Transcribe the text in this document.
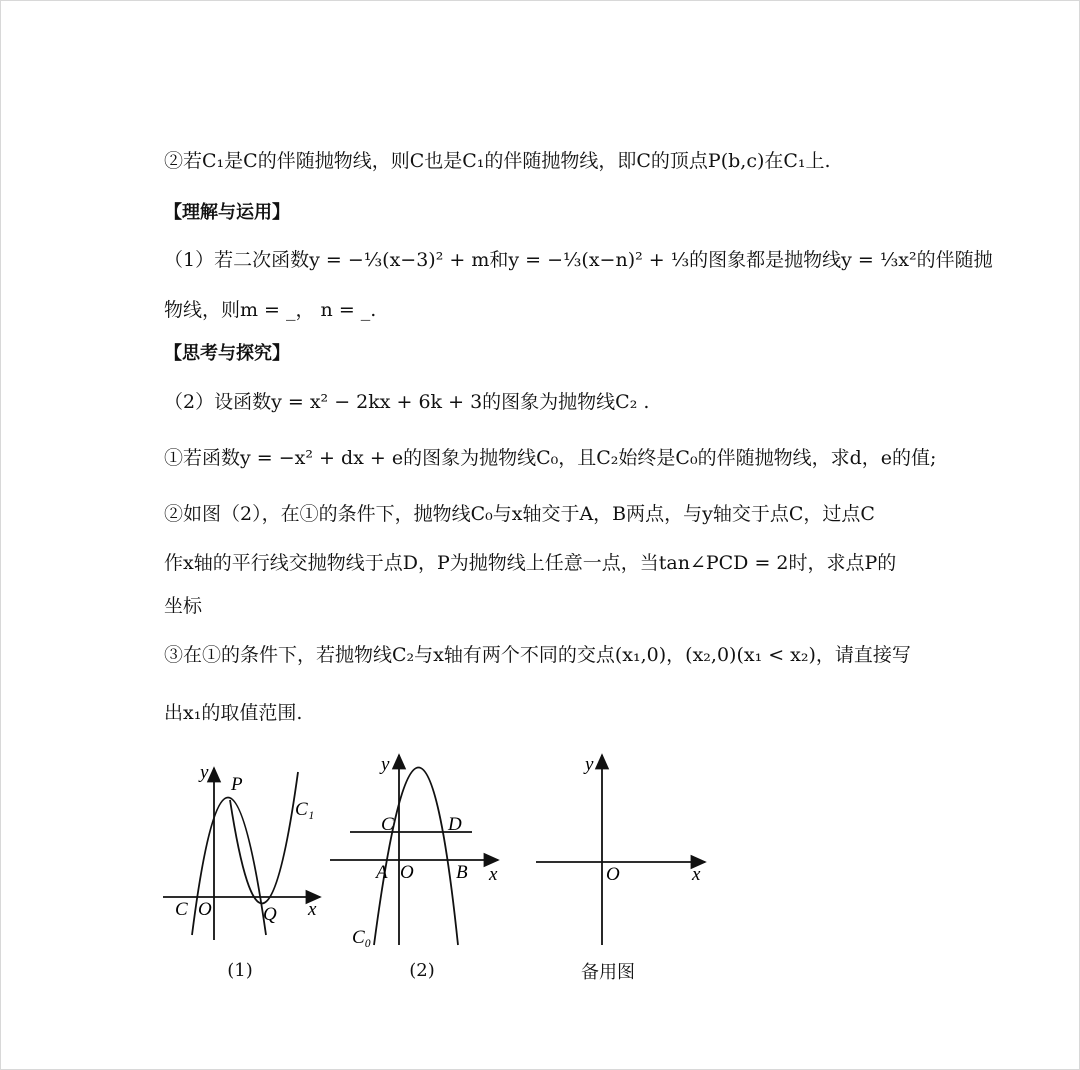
②若C₁是C的伴随抛物线，则C也是C₁的伴随抛物线，即C的顶点P(b,c)在C₁上.
【理解与运用】
（1）若二次函数y = −⅓(x−3)² + m和y = −⅓(x−n)² + ⅓的图象都是抛物线y = ⅓x²的伴随抛
物线，则m = _， n = _.
【思考与探究】
（2）设函数y = x² − 2kx + 6k + 3的图象为抛物线C₂ .
①若函数y = −x² + dx + e的图象为抛物线C₀，且C₂始终是C₀的伴随抛物线，求d，e的值;
②如图（2），在①的条件下，抛物线C₀与x轴交于A，B两点，与y轴交于点C，过点C
作x轴的平行线交抛物线于点D，P为抛物线上任意一点，当tan∠PCD = 2时，求点P的
坐标
③在①的条件下，若抛物线C₂与x轴有两个不同的交点(x₁,0)，(x₂,0)(x₁ < x₂)，请直接写
出x₁的取值范围.
y
x
P
C₁
C O	Q
(1)
y
x
C	D
A O B
C₀
(2)
y
x
O
备用图
